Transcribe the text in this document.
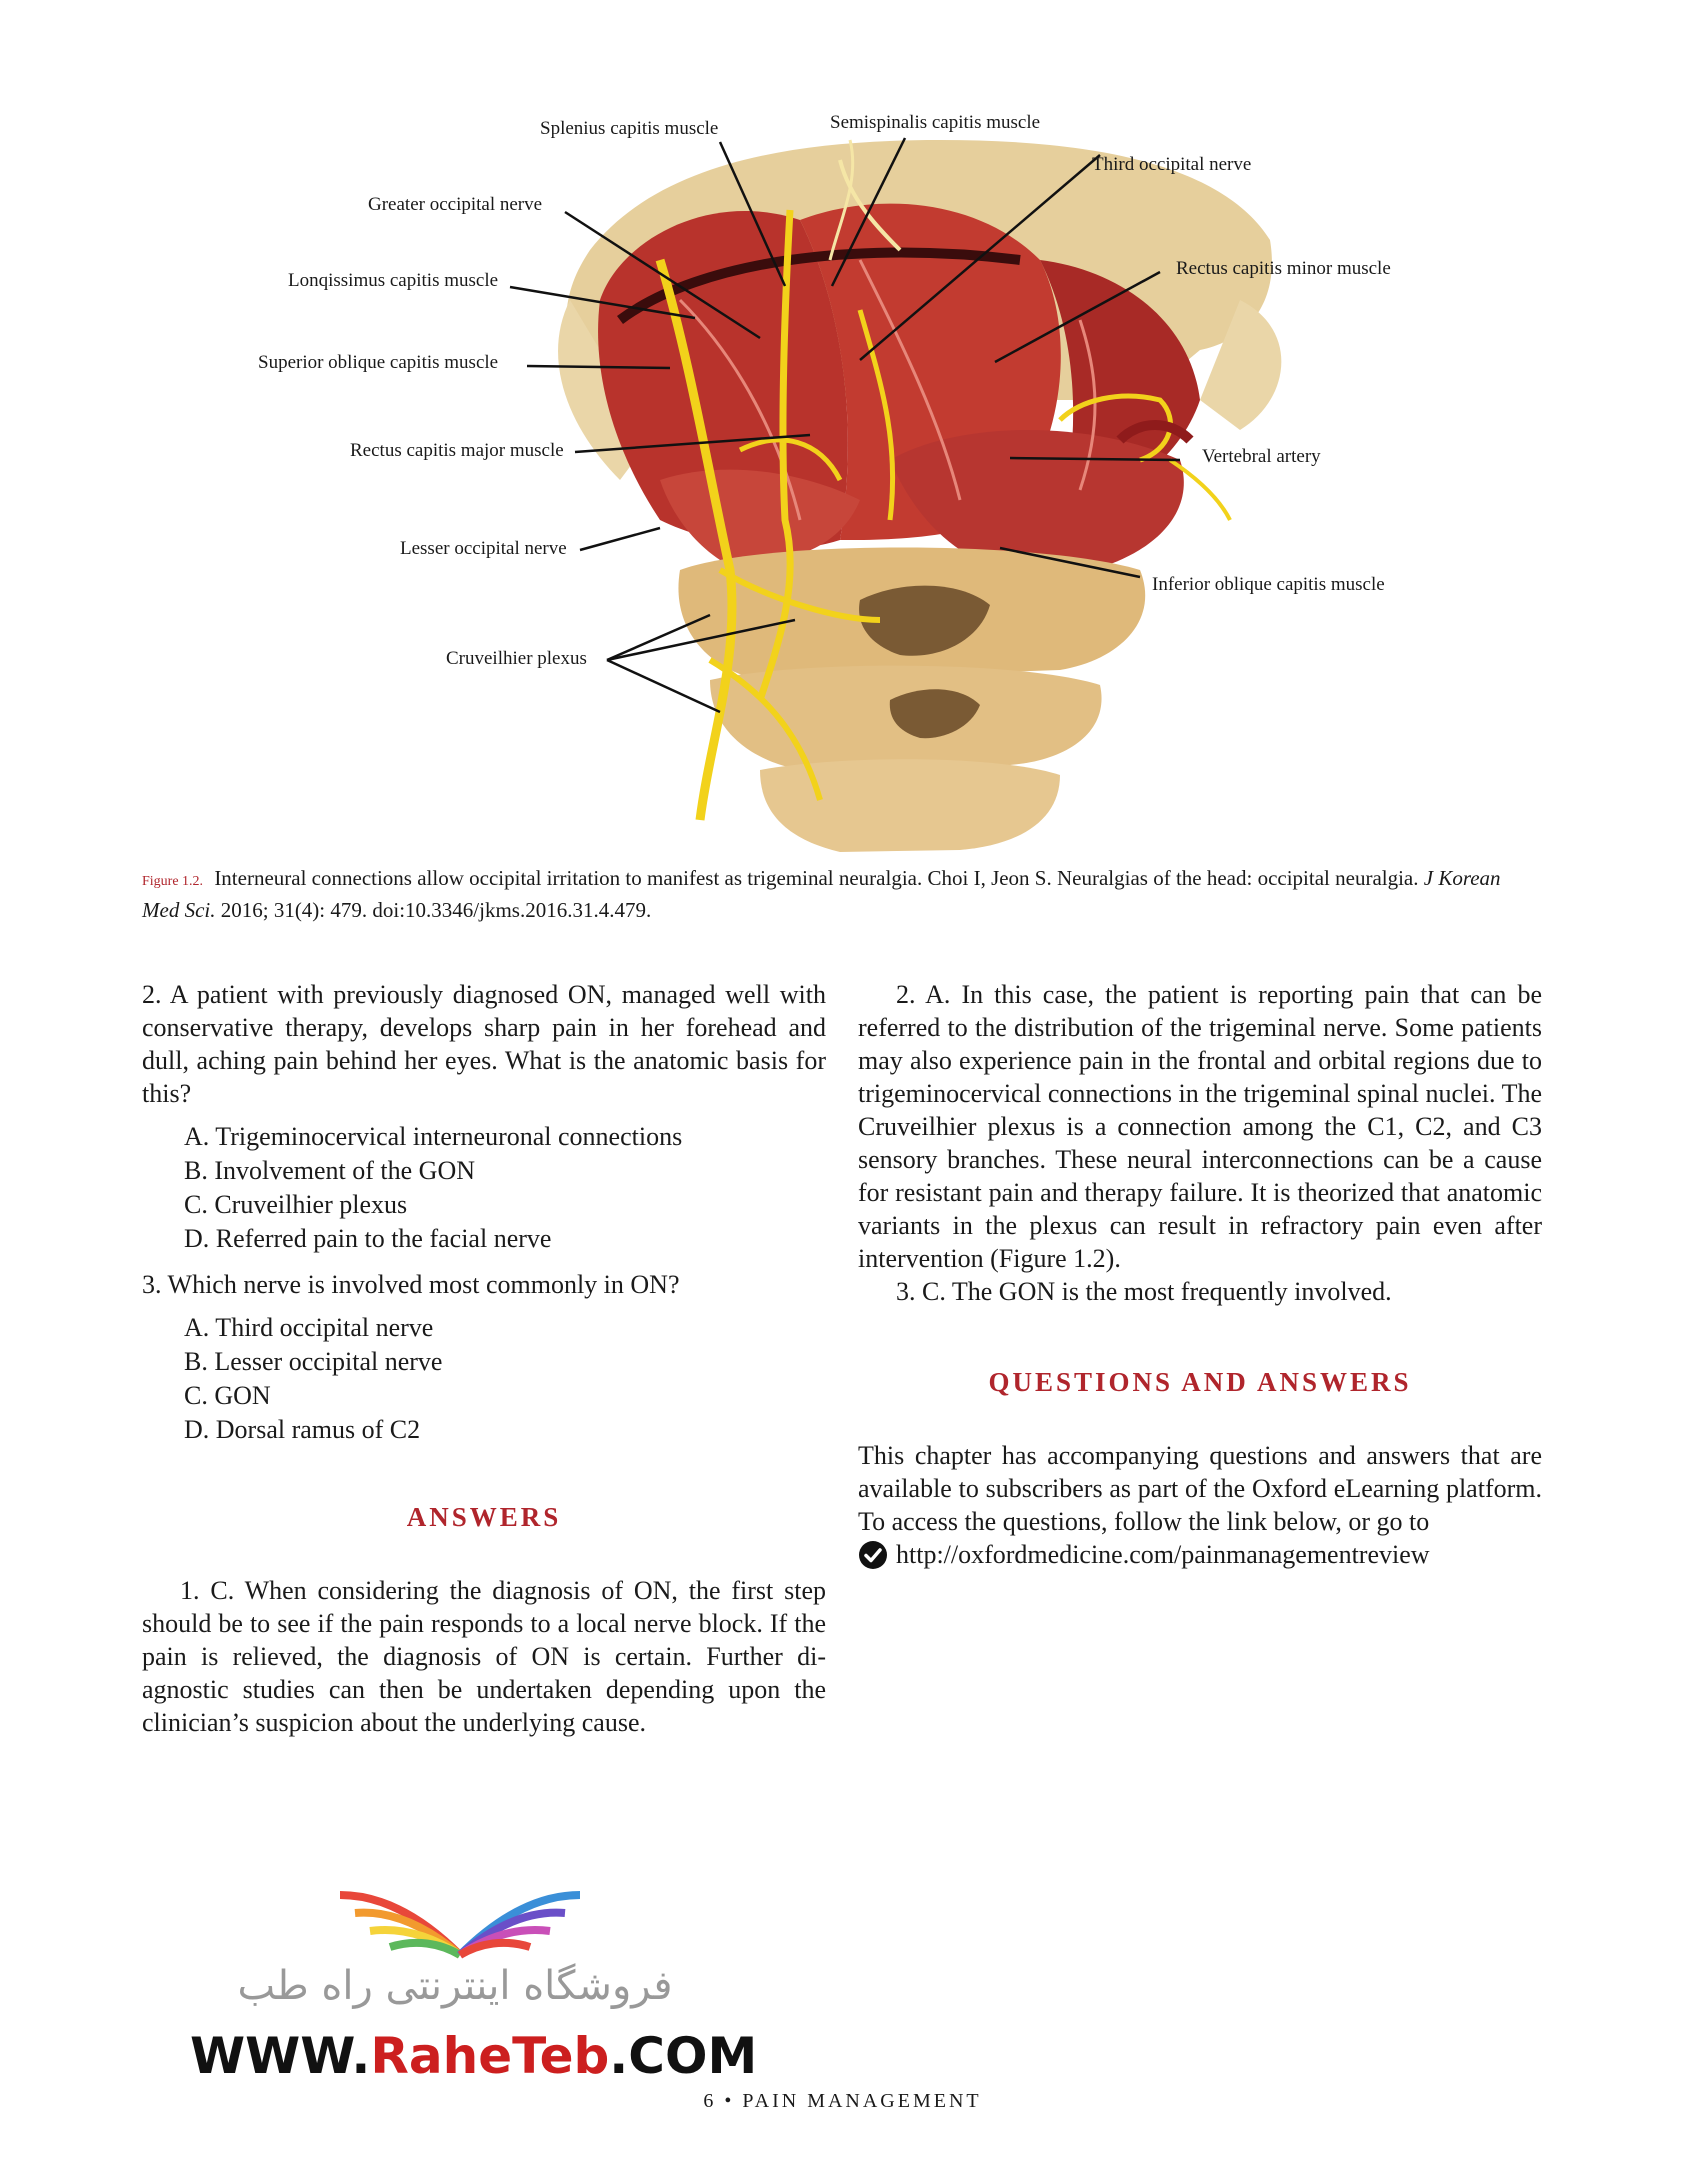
Splenius capitis muscle	Semispinalis capitis muscle
Third occipital nerve
Greater occipital nerve
Lonqissimus capitis muscle
Rectus capitis minor muscle
Superior oblique capitis muscle
Rectus capitis major muscle	Vertebral artery
Lesser occipital nerve
Inferior oblique capitis muscle
Cruveilhier plexus
Figure 1.2. Interneural connections allow occipital irritation to manifest as trigeminal neuralgia. Choi I, Jeon S. Neuralgias of the head: occipital neuralgia. J Korean Med Sci. 2016; 31(4): 479. doi:10.3346/jkms.2016.31.4.479.

2. A patient with previously diagnosed ON, managed well with conservative therapy, develops sharp pain in her forehead and dull, aching pain behind her eyes. What is the anatomic basis for this?

A. Trigeminocervical interneuronal connections
B. Involvement of the GON
C. Cruveilhier plexus
D. Referred pain to the facial nerve

3. Which nerve is involved most commonly in ON?

A. Third occipital nerve
B. Lesser occipital nerve
C. GON
D. Dorsal ramus of C2
ANSWERS

1. C. When considering the diagnosis of ON, the first step should be to see if the pain responds to a local nerve block. If the pain is relieved, the diagnosis of ON is certain. Further diagnostic studies can then be undertaken depending upon the clinician’s suspicion about the underlying cause.

2. A. In this case, the patient is reporting pain that can be referred to the distribution of the trigeminal nerve. Some patients may also experience pain in the frontal and orbital regions due to trigeminocervical connections in the trigeminal spinal nuclei. The Cruveilhier plexus is a connection among the C1, C2, and C3 sensory branches. These neural interconnections can be a cause for resistant pain and therapy failure. It is theorized that anatomic variants in the plexus can result in refractory pain even after intervention (Figure 1.2).

3. C. The GON is the most frequently involved.

QUESTIONS AND ANSWERS

This chapter has accompanying questions and answers that are available to subscribers as part of the Oxford eLearning platform. To access the questions, follow the link below, or go to

http://oxfordmedicine.com/painmanagementreview
فروشگاه اینترنتی راه طب
WWW.RaheTeb.COM
6 • PAIN MANAGEMENT
